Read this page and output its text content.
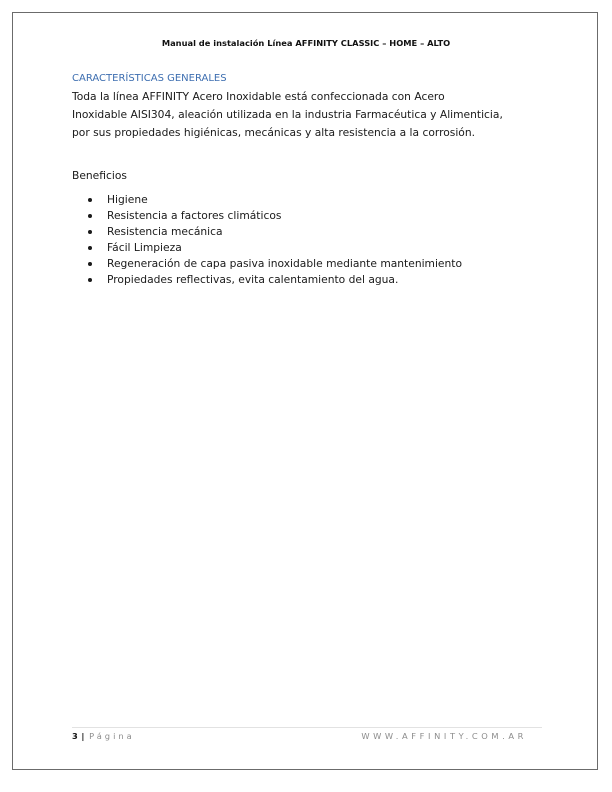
Manual de instalación Línea AFFINITY CLASSIC – HOME – ALTO
CARACTERÍSTICAS GENERALES
Toda la línea AFFINITY Acero Inoxidable está confeccionada con Acero
Inoxidable AISI304, aleación utilizada en la industria Farmacéutica y Alimenticia,
por sus propiedades higiénicas, mecánicas y alta resistencia a la corrosión.
Beneficios
Higiene
Resistencia a factores climáticos
Resistencia mecánica
Fácil Limpieza
Regeneración de capa pasiva inoxidable mediante mantenimiento
Propiedades reflectivas, evita calentamiento del agua.
3 | Página	WWW.AFFINITY.COM.AR
